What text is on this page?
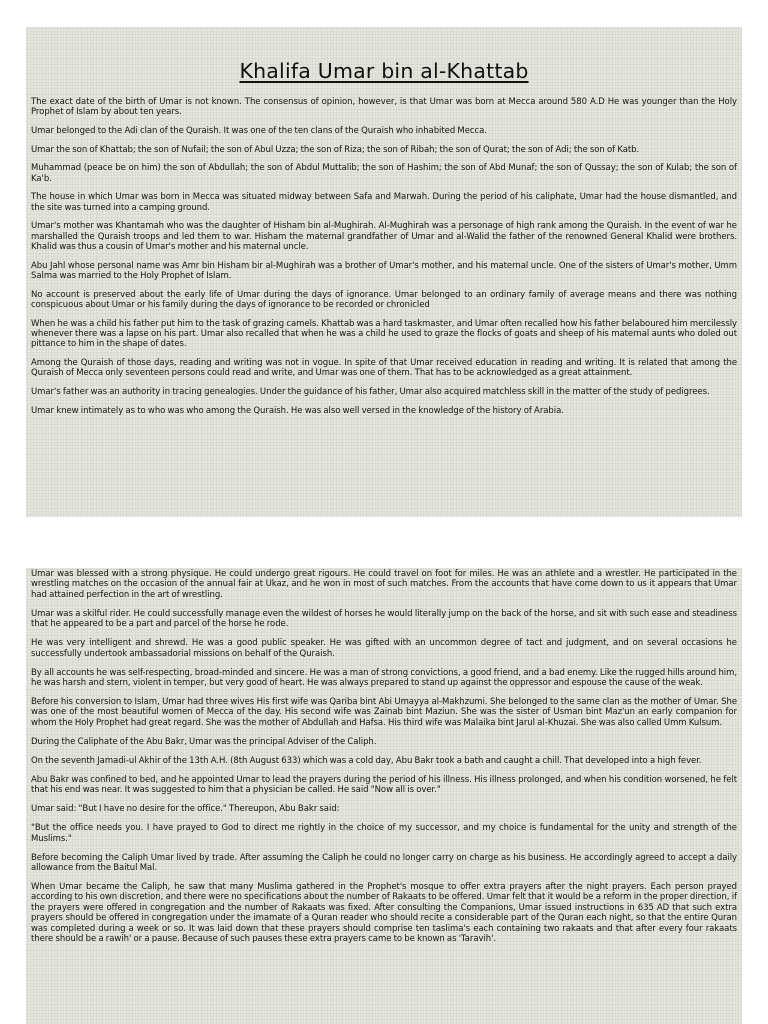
Khalifa Umar bin al-Khattab

The exact date of the birth of Umar is not known. The consensus of opinion, however, is that Umar was born at Mecca around 580 A.D He was younger than the Holy Prophet of Islam by about ten years.

Umar belonged to the Adi clan of the Quraish. It was one of the ten clans of the Quraish who inhabited Mecca.

Umar the son of Khattab; the son of Nufail; the son of Abul Uzza; the son of Riza; the son of Ribah; the son of Qurat; the son of Adi; the son of Katb.

Muhammad (peace be on him) the son of Abdullah; the son of Abdul Muttalib; the son of Hashim; the son of Abd Munaf; the son of Qussay; the son of Kulab; the son of Ka'b.

The house in which Umar was born in Mecca was situated midway between Safa and Marwah. During the period of his caliphate, Umar had the house dismantled, and the site was turned into a camping ground.

Umar's mother was Khantamah who was the daughter of Hisham bin al-Mughirah. Al-Mughirah was a personage of high rank among the Quraish. In the event of war he marshalled the Quraish troops and led them to war. Hisham the maternal grandfather of Umar and al-Walid the father of the renowned General Khalid were brothers. Khalid was thus a cousin of Umar's mother and his maternal uncle.

Abu Jahl whose personal name was Amr bin Hisham bir al-Mughirah was a brother of Umar's mother, and his maternal uncle. One of the sisters of Umar's mother, Umm Salma was married to the Holy Prophet of Islam.

No account is preserved about the early life of Umar during the days of ignorance. Umar belonged to an ordinary family of average means and there was nothing conspicuous about Umar or his family during the days of ignorance to be recorded or chronicled

When he was a child his father put him to the task of grazing camels. Khattab was a hard taskmaster, and Umar often recalled how his father belaboured him mercilessly whenever there was a lapse on his part. Umar also recalled that when he was a child he used to graze the flocks of goats and sheep of his maternal aunts who doled out pittance to him in the shape of dates.

Among the Quraish of those days, reading and writing was not in vogue. In spite of that Umar received education in reading and writing. It is related that among the Quraish of Mecca only seventeen persons could read and write, and Umar was one of them. That has to be acknowledged as a great attainment.

Umar's father was an authority in tracing genealogies. Under the guidance of his father, Umar also acquired matchless skill in the matter of the study of pedigrees.

Umar knew intimately as to who was who among the Quraish. He was also well versed in the knowledge of the history of Arabia.

Umar was blessed with a strong physique. He could undergo great rigours. He could travel on foot for miles. He was an athlete and a wrestler. He participated in the wrestling matches on the occasion of the annual fair at Ukaz, and he won in most of such matches. From the accounts that have come down to us it appears that Umar had attained perfection in the art of wrestling.

Umar was a skilful rider. He could successfully manage even the wildest of horses he would literally jump on the back of the horse, and sit with such ease and steadiness that he appeared to be a part and parcel of the horse he rode.

He was very intelligent and shrewd. He was a good public speaker. He was gifted with an uncommon degree of tact and judgment, and on several occasions he successfully undertook ambassadorial missions on behalf of the Quraish.

By all accounts he was self-respecting, broad-minded and sincere. He was a man of strong convictions, a good friend, and a bad enemy. Like the rugged hills around him, he was harsh and stern, violent in temper, but very good of heart. He was always prepared to stand up against the oppressor and espouse the cause of the weak.

Before his conversion to Islam, Umar had three wives His first wife was Qariba bint Abi Umayya al-Makhzumi. She belonged to the same clan as the mother of Umar. She was one of the most beautiful women of Mecca of the day. His second wife was Zainab bint Maziun. She was the sister of Usman bint Maz'un an early companion for whom the Holy Prophet had great regard. She was the mother of Abdullah and Hafsa. His third wife was Malaika bint Jarul al-Khuzai. She was also called Umm Kulsum.

During the Caliphate of the Abu Bakr, Umar was the principal Adviser of the Caliph.

On the seventh Jamadi-ul Akhir of the 13th A.H. (8th August 633) which was a cold day, Abu Bakr took a bath and caught a chill. That developed into a high fever.

Abu Bakr was confined to bed, and he appointed Umar to lead the prayers during the period of his illness. His illness prolonged, and when his condition worsened, he felt that his end was near. It was suggested to him that a physician be called. He said "Now all is over."

Umar said: "But I have no desire for the office." Thereupon, Abu Bakr said:

"But the office needs you. I have prayed to God to direct me rightly in the choice of my successor, and my choice is fundamental for the unity and strength of the Muslims."

Before becoming the Caliph Umar lived by trade. After assuming the Caliph he could no longer carry on charge as his business. He accordingly agreed to accept a daily allowance from the Baitul Mal.

When Umar became the Caliph, he saw that many Muslima gathered in the Prophet's mosque to offer extra prayers after the night prayers. Each person prayed according to his own discretion, and there were no specifications about the number of Rakaats to be offered. Umar felt that it would be a reform in the proper direction, if the prayers were offered in congregation and the number of Rakaats was fixed. After consulting the Companions, Umar issued instructions in 635 AD that such extra prayers should be offered in congregation under the imamate of a Quran reader who should recite a considerable part of the Quran each night, so that the entire Quran was completed during a week or so. It was laid down that these prayers should comprise ten taslima's each containing two rakaats and that after every four rakaats there should be a rawih' or a pause. Because of such pauses these extra prayers came to be known as 'Taravih'.
